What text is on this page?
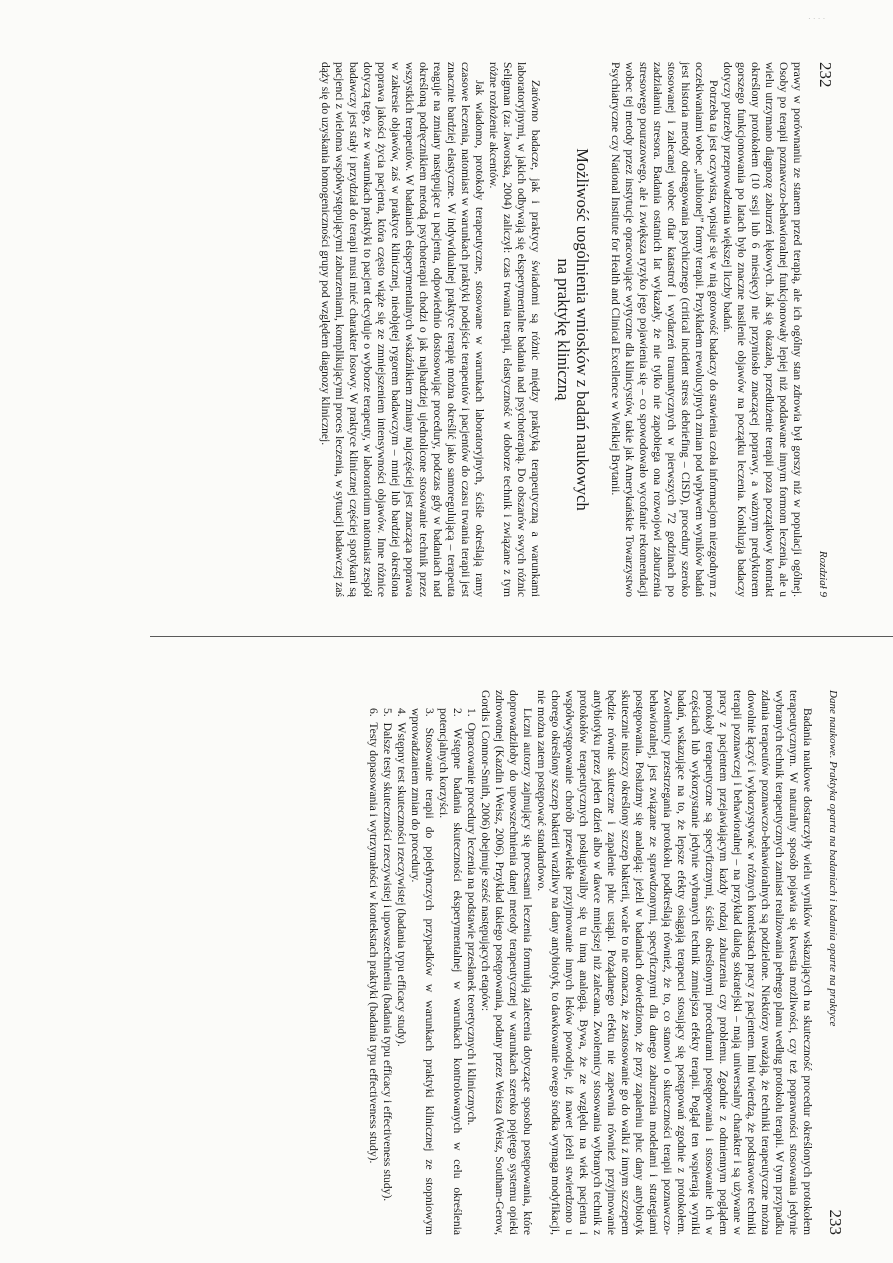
· · · ·
232
Rozdział 9

prawy w porównaniu ze stanem przed terapią, ale ich ogólny stan zdrowia był gorszy niż w populacji ogólnej. Osoby po terapii poznawczo-behawioralnej funkcjonowały lepiej niż poddawane innym formom leczenia, ale u wielu utrzymano diagnozę zaburzeń lękowych. Jak się okazało, przedłużenie terapii poza początkowy kontrakt określony protokołem (10 sesji lub 6 miesięcy) nie przyniosło znaczącej poprawy, a ważnym predyktorem gorszego funkcjonowania po latach było znaczne nasilenie objawów na początku leczenia. Konkluzja badaczy dotyczy potrzeby przeprowadzenia większej liczby badań.

Potrzeba ta jest oczywista, wpisuje się w nią gotowość badaczy do stawienia czoła informacjom niezgodnym z oczekiwaniami wobec „ulubionej” formy terapii. Przykładem rewolucyjnych zmian pod wpływem wyników badań jest historia metody odreagowania psychicznego (critical incident stress debriefing – CISD), procedury szeroko stosowanej i zalecanej wobec ofiar katastrof i wydarzeń traumatycznych w pierwszych 72 godzinach po zadziałaniu stresora. Badania ostatnich lat wykazały, że nie tylko nie zapobiega ona rozwojowi zaburzenia stresowego pourazowego, ale i zwiększa ryzyko jego pojawienia się – co spowodowało wycofanie rekomendacji wobec tej metody przez instytucje opracowujące wytyczne dla klinicystów, takie jak Amerykańskie Towarzystwo Psychiatryczne czy National Institute for Health and Clinical Excellence w Wielkiej Brytanii.

Możliwość uogólnienia wniosków z badań naukowych
na praktykę kliniczną

Zarówno badacze, jak i praktycy świadomi są różnic między praktyką terapeutyczną a warunkami laboratoryjnymi, w jakich odbywają się eksperymentalne badania nad psychoterapią. Do obszarów swych różnic Seligman (za: Jaworska, 2004) zaliczył: czas trwania terapii, elastyczność w doborze technik i związane z tym różne rozłożenie akcentów.

Jak wiadomo, protokoły terapeutyczne, stosowane w warunkach laboratoryjnych, ściśle określają ramy czasowe leczenia, natomiast w warunkach praktyki podejście terapeutów i pacjentów do czasu trwania terapii jest znacznie bardziej elastyczne. W indywidualnej praktyce terapię można określić jako samoregulującą – terapeuta reaguje na zmiany następujące u pacjenta, odpowiednio dostosowując procedury, podczas gdy w badaniach nad określoną podręcznikiem metodą psychoterapii chodzi o jak najbardziej ujednolicone stosowanie technik przez wszystkich terapeutów. W badaniach eksperymentalnych wskaźnikiem zmiany najczęściej jest znacząca poprawa w zakresie objawów, zaś w praktyce klinicznej, nieobjętej rygorem badawczym – mniej lub bardziej określona poprawa jakości życia pacjenta, która często wiąże się ze zmniejszeniem intensywności objawów. Inne różnice dotyczą tego, że w warunkach praktyki to pacjent decyduje o wyborze terapeuty, w laboratorium natomiast zespół badawczy jest stały i przydział do terapii musi mieć charakter losowy. W praktyce klinicznej częściej spotykani są pacjenci z wieloma współwystępującymi zaburzeniami, komplikującymi proces leczenia, w sytuacji badawczej zaś dąży się do uzyskania homogeniczności grupy pod względem diagnozy klinicznej.

Dane naukowe. Praktyka oparta na badaniach i badania oparte na praktyce
233

Badania naukowe dostarczyły wielu wyników wskazujących na skuteczność procedur określonych protokołem terapeutycznym. W naturalny sposób pojawia się kwestia możliwości, czy też poprawności stosowania jedynie wybranych technik terapeutycznych zamiast realizowania pełnego planu według protokołu terapii. W tym przypadku zdania terapeutów poznawczo-behawioralnych są podzielone. Niektórzy uważają, że techniki terapeutyczne można dowolnie łączyć i wykorzystywać w różnych kontekstach pracy z pacjentem. Inni twierdzą, że podstawowe techniki terapii poznawczej i behawioralnej – na przykład dialog sokratejski – mają uniwersalny charakter i są używane w pracy z pacjentem przejawiającym każdy rodzaj zaburzenia czy problemu. Zgodnie z odmiennym poglądem protokoły terapeutyczne są specyficznymi, ściśle określonymi procedurami postępowania i stosowanie ich w częściach lub wykorzystanie jedynie wybranych technik zmniejsza efekty terapii. Pogląd ten wspierają wyniki badań, wskazujące na to, że lepsze efekty osiągają terapeuci stosujący się postępowań zgodnie z protokołem. Zwolennicy przestrzegania protokołu podkreślają również, że to, co stanowi o skuteczności terapii poznawczo-behawioralnej, jest związane ze sprawdzonymi, specyficznymi dla danego zaburzenia modelami i strategiami postępowania. Posłużmy się analogią: jeżeli w badaniach dowiedziono, że przy zapaleniu płuc dany antybiotyk skutecznie niszczy określony szczep bakterii, wcale to nie oznacza, że zastosowanie go do walki z innym szczepem będzie równie skuteczne i zapalenie płuc ustąpi. Pożądanego efektu nie zapewnia również przyjmowanie antybiotyku przez jeden dzień albo w dawce mniejszej niż zalecana. Zwolennicy stosowania wybranych technik z protokołów terapeutycznych posługiwaliby się tu inną analogią. Bywa, że ze względu na wiek pacjenta i współwystępowanie chorób przewlekłe przyjmowanie innych leków powoduje, iż nawet jeżeli stwierdzono u chorego określony szczep bakterii wrażliwy na dany antybiotyk, to dawkowanie owego środka wymaga modyfikacji, nie można zatem postępować standardowo.

Liczni autorzy zajmujący się procesami leczenia formułują zalecenia dotyczące sposobu postępowania, które doprowadziłoby do upowszechnienia danej metody terapeutycznej w warunkach szeroko pojętego systemu opieki zdrowotnej (Kazdin i Weisz, 2006). Przykład takiego postępowania, podany przez Weisza (Weisz, Southam-Gerow, Gordis i Connor-Smith, 2006) obejmuje sześć następujących etapów:

1. Opracowanie procedury leczenia na podstawie przesłanek teoretycznych i klinicznych.

2. Wstępne badania skuteczności eksperymentalnej w warunkach kontrolowanych w celu określenia potencjalnych korzyści.

3. Stosowanie terapii do pojedynczych przypadków w warunkach praktyki klinicznej ze stopniowym wprowadzaniem zmian do procedury.

4. Wstępny test skuteczności rzeczywistej (badania typu efficacy study).

5. Dalsze testy skuteczności rzeczywistej i upowszechnienia (badania typu efficacy i effectiveness study).

6. Testy dopasowania i wytrzymałości w kontekstach praktyki (badania typu effectiveness study).
